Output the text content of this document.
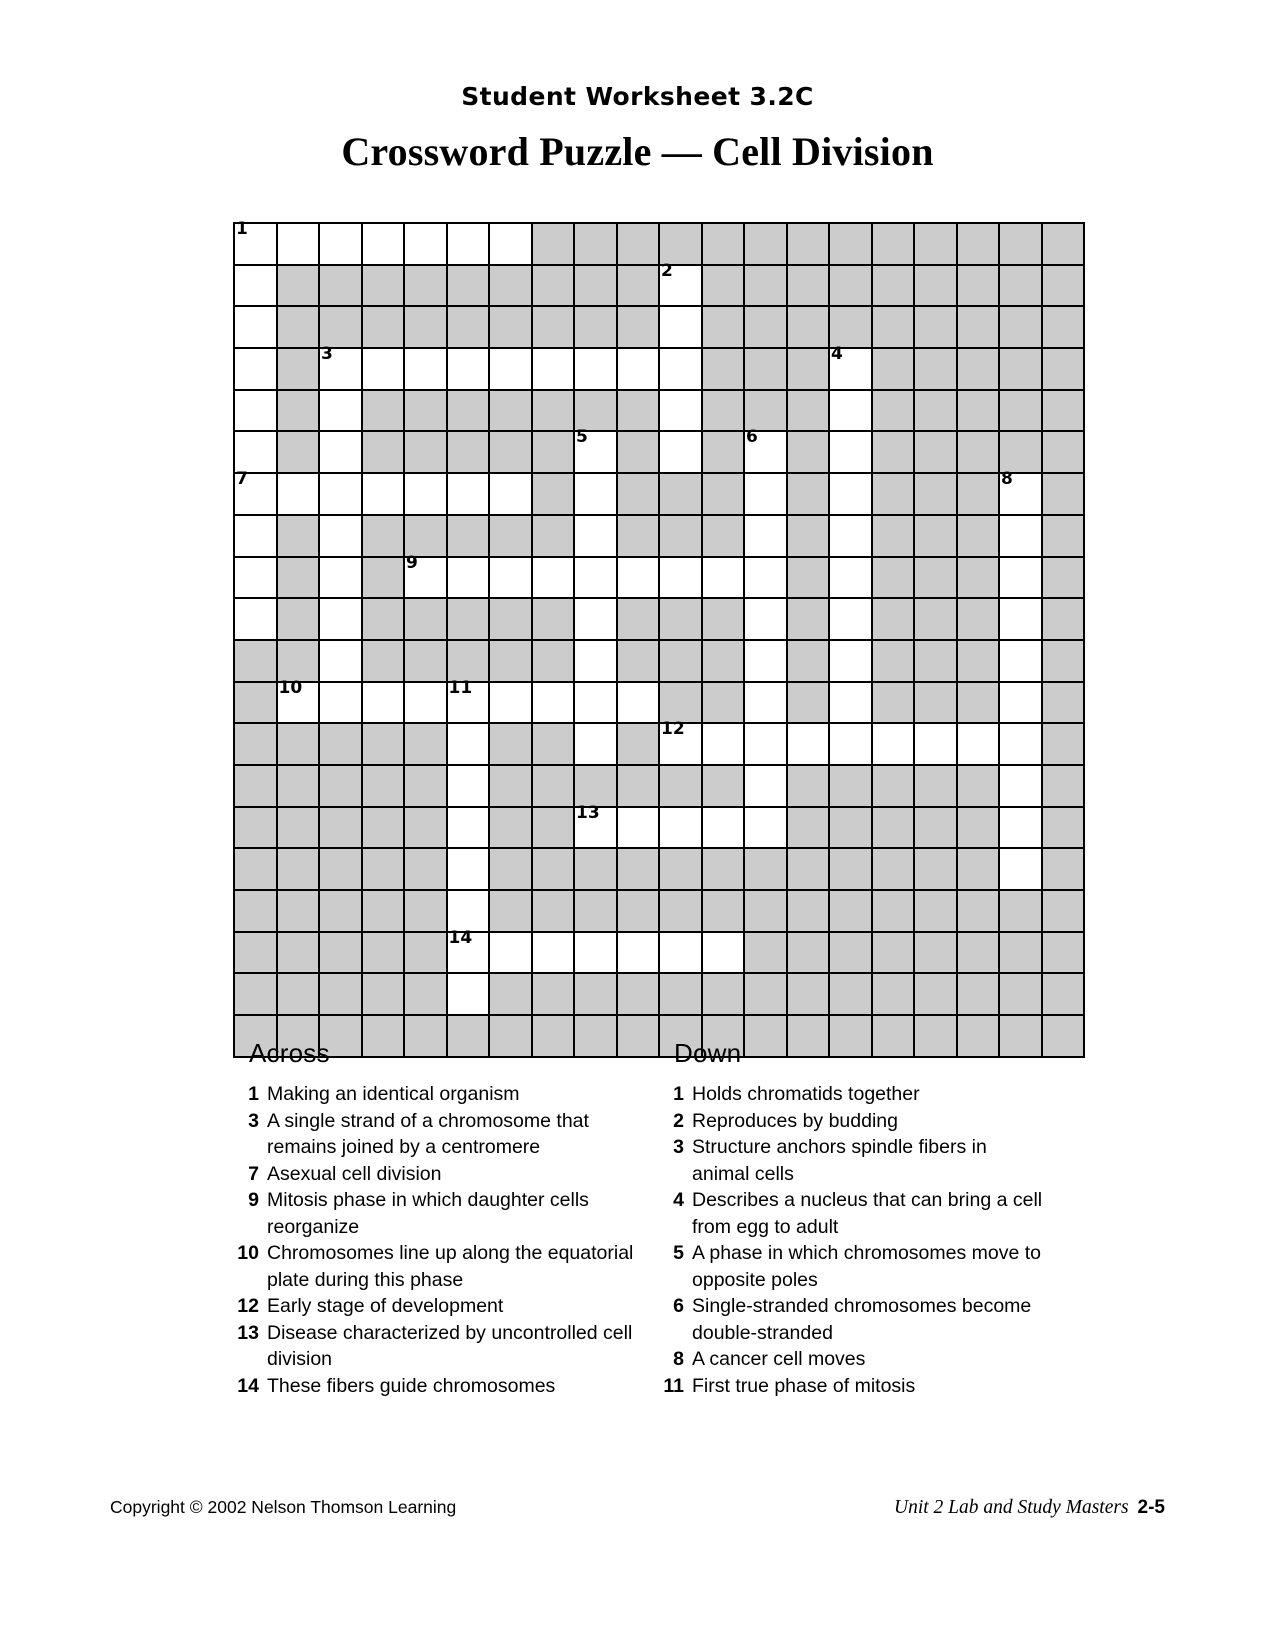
Student Worksheet 3.2C
Crossword Puzzle — Cell Division
1																			

										2									

		3												4					

								5				6							

7																		8	

				9															

	10				11														

										12									

								13											

					14														

Across
1 Making an identical organism
3 A single strand of a chromosome that remains joined by a centromere
7 Asexual cell division
9 Mitosis phase in which daughter cells reorganize
10 Chromosomes line up along the equatorial plate during this phase
12 Early stage of development
13 Disease characterized by uncontrolled cell division
14 These fibers guide chromosomes
Down
1 Holds chromatids together
2 Reproduces by budding
3 Structure anchors spindle fibers in animal cells
4 Describes a nucleus that can bring a cell from egg to adult
5 A phase in which chromosomes move to opposite poles
6 Single-stranded chromosomes become double-stranded
8 A cancer cell moves
11 First true phase of mitosis
Copyright © 2002 Nelson Thomson Learning	Unit 2 Lab and Study Masters 2-5
